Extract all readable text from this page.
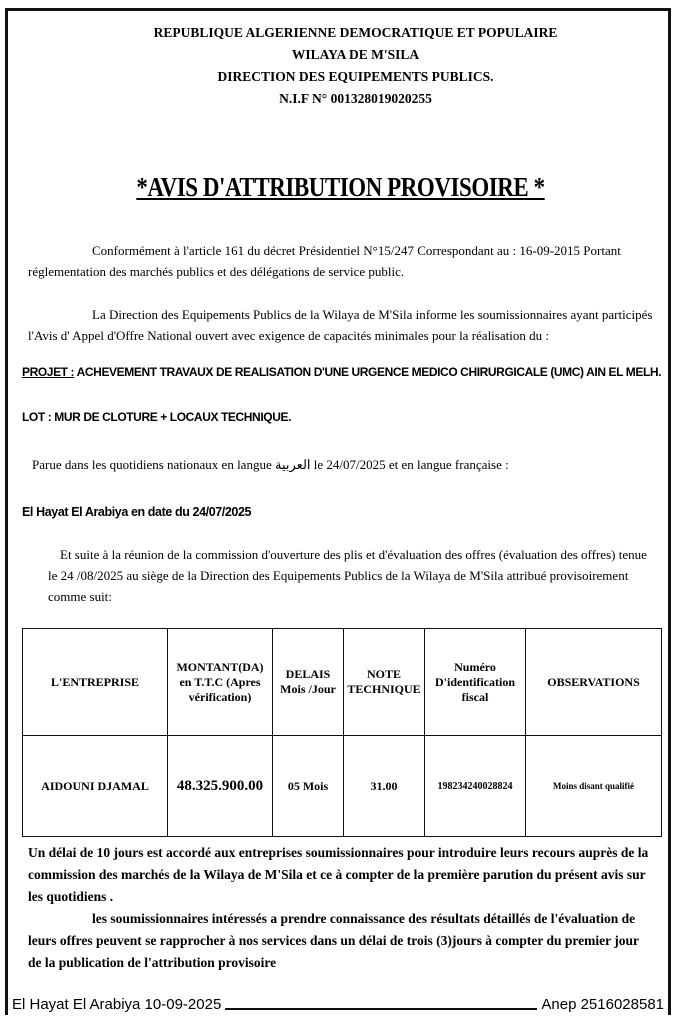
REPUBLIQUE ALGERIENNE DEMOCRATIQUE ET POPULAIRE
WILAYA DE M'SILA
DIRECTION DES EQUIPEMENTS PUBLICS.
N.I.F N° 001328019020255
*AVIS D'ATTRIBUTION PROVISOIRE *
Conformément à l'article 161 du décret Présidentiel N°15/247 Correspondant au : 16-09-2015 Portant réglementation des marchés publics et des délégations de service public.
La Direction des Equipements Publics de la Wilaya de M'Sila informe les soumissionnaires ayant participés l'Avis d' Appel d'Offre National ouvert avec exigence de capacités minimales pour la réalisation du :
PROJET : ACHEVEMENT TRAVAUX DE REALISATION D'UNE URGENCE MEDICO CHIRURGICALE (UMC) AIN EL MELH.
LOT : MUR DE CLOTURE + LOCAUX TECHNIQUE.
Parue dans les quotidiens nationaux en langue العربية le 24/07/2025 et en langue française :
El Hayat El Arabiya en date du 24/07/2025
Et suite à la réunion de la commission d'ouverture des plis et d'évaluation des offres (évaluation des offres) tenue le 24 /08/2025 au siège de la Direction des Equipements Publics de la Wilaya de M'Sila attribué provisoirement comme suit:
L'ENTREPRISE	MONTANT(DA) en T.T.C (Apres vérification)	DELAIS Mois /Jour	NOTE TECHNIQUE	Numéro D'identification fiscal	OBSERVATIONS
AIDOUNI DJAMAL	48.325.900.00	05 Mois	31.00	198234240028824	Moins disant qualifié
Un délai de 10 jours est accordé aux entreprises soumissionnaires pour introduire leurs recours auprès de la commission des marchés de la Wilaya de M'Sila et ce à compter de la première parution du présent avis sur les quotidiens .
les soumissionnaires intéressés a prendre connaissance des résultats détaillés de l'évaluation de leurs offres peuvent se rapprocher à nos services dans un délai de trois (3)jours à compter du premier jour de la publication de l'attribution provisoire
El Hayat El Arabiya 10-09-2025	Anep 2516028581
